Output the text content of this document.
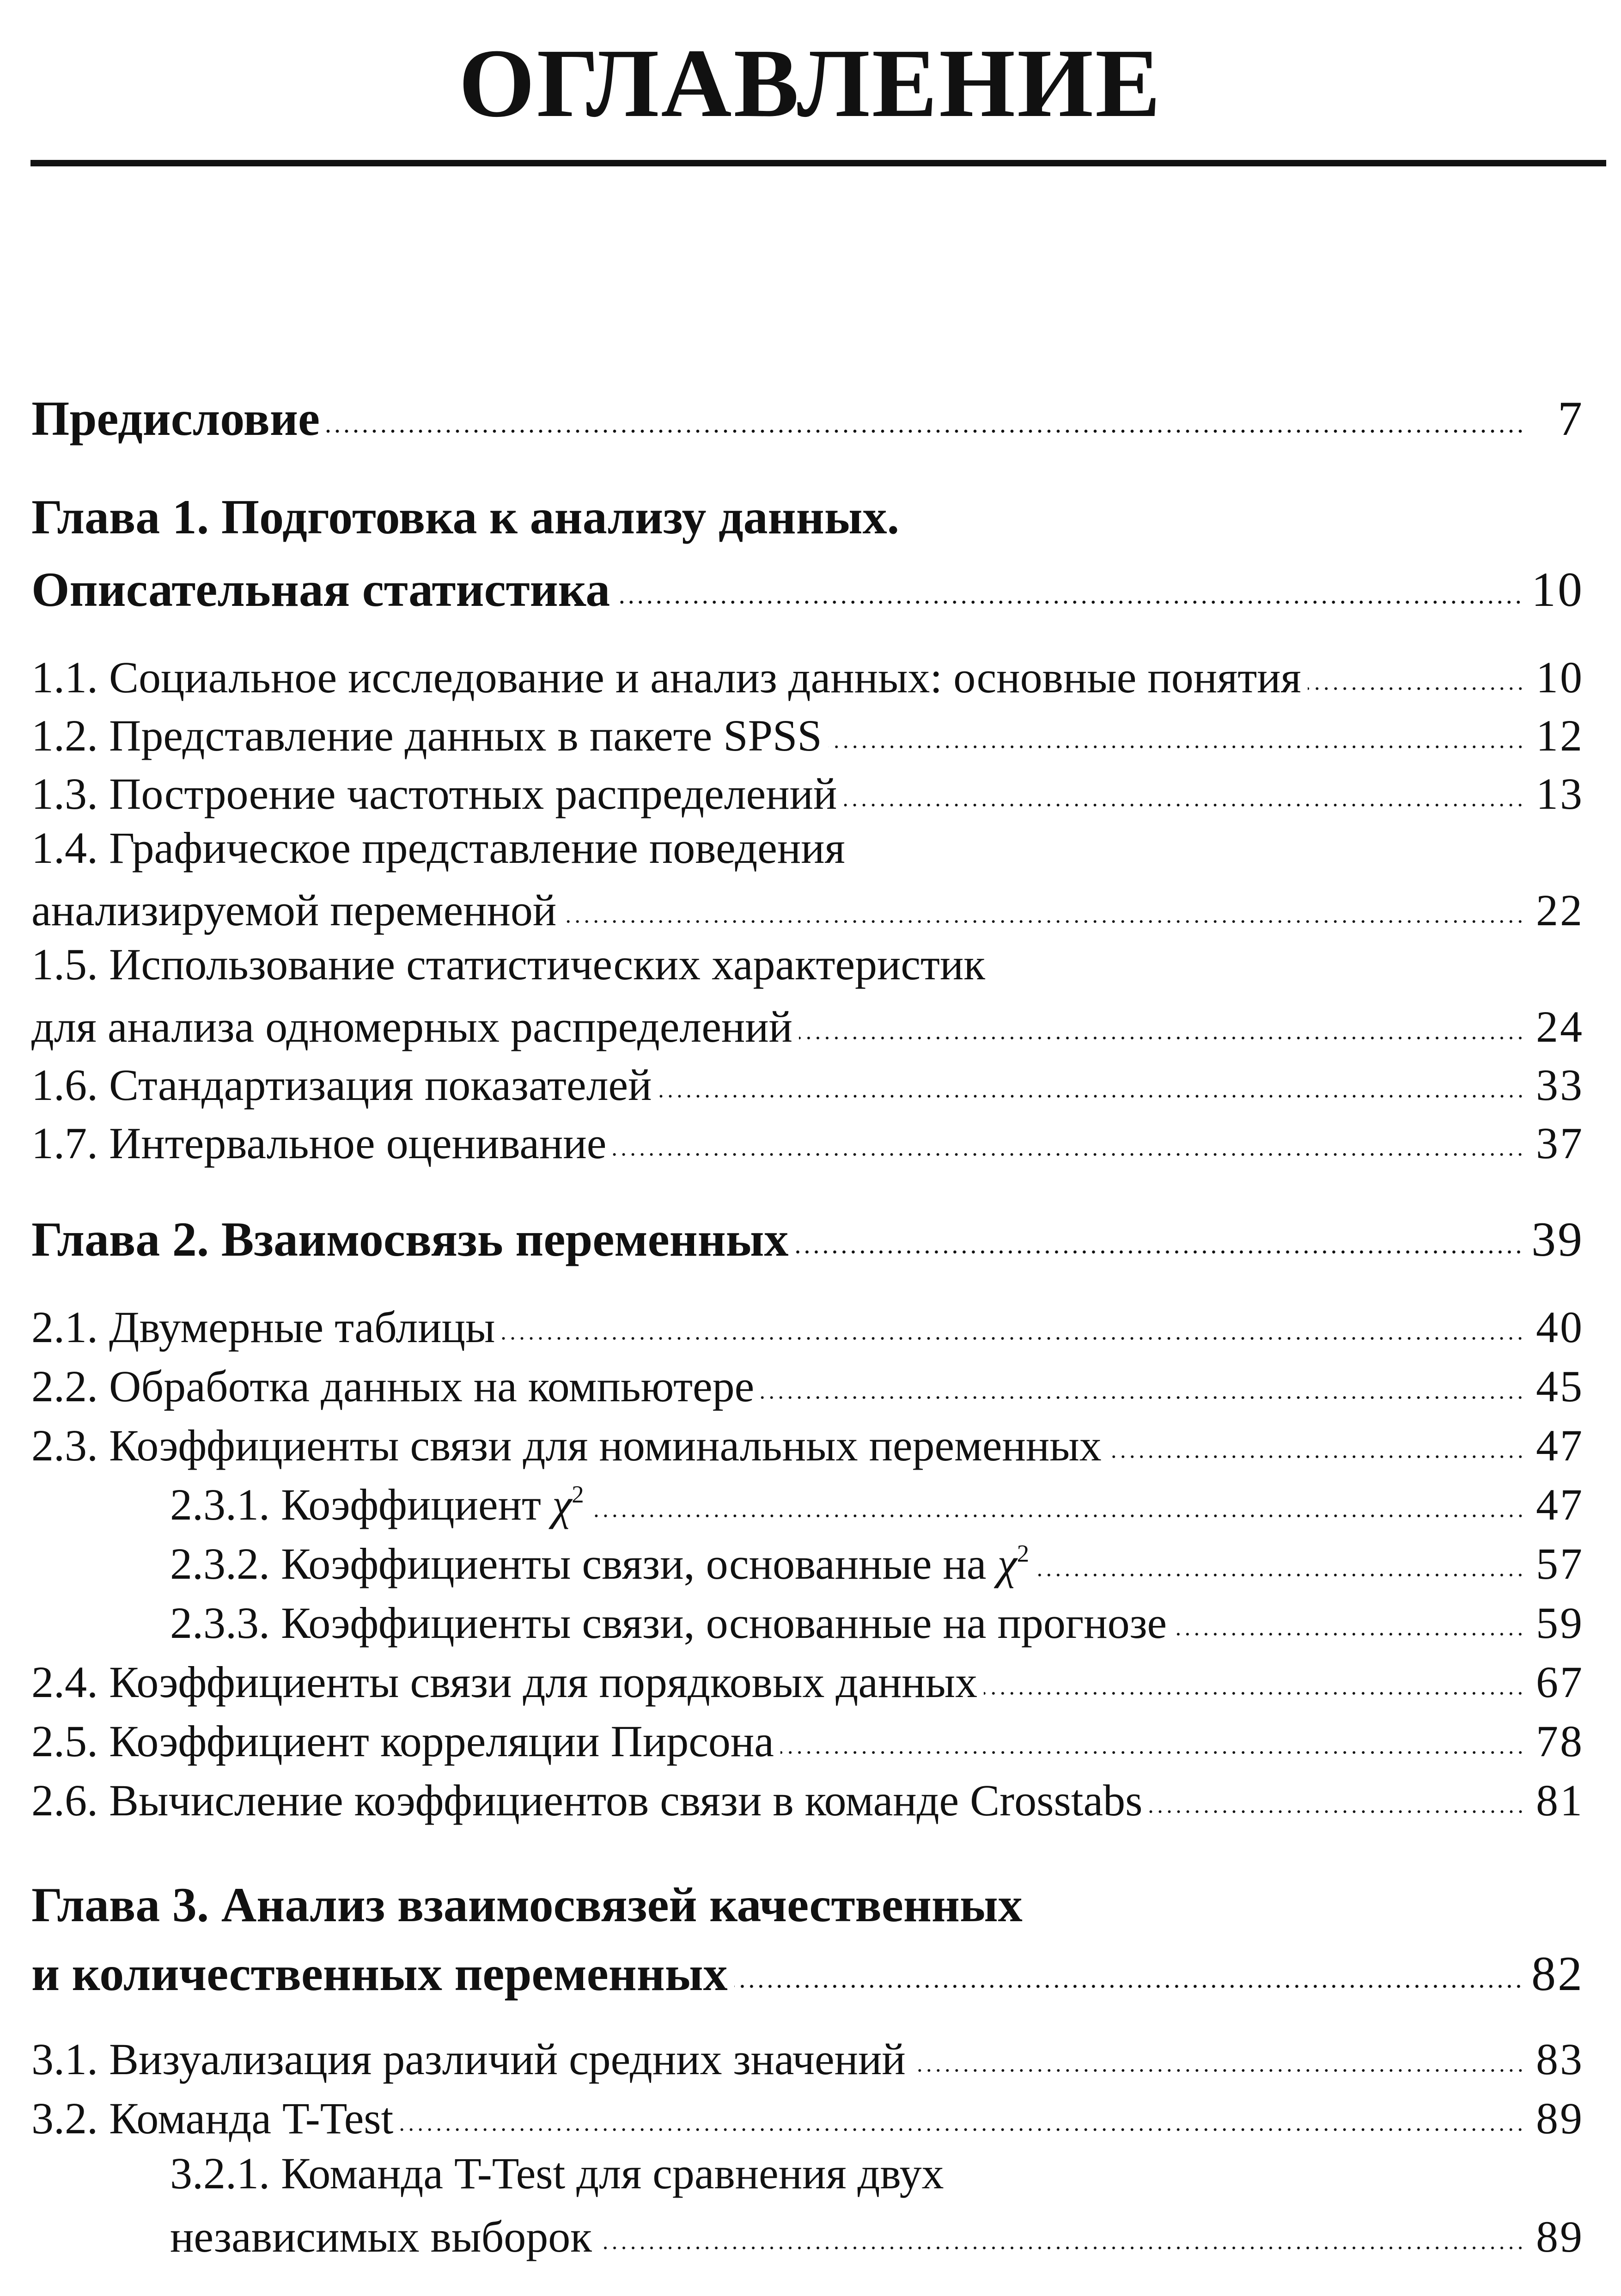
ОГЛАВЛЕНИЕ
Предисловие	7
Глава 1. Подготовка к анализу данных.
Описательная статистика	10
1.1. Социальное исследование и анализ данных: основные понятия	10
1.2. Представление данных в пакете SPSS	12
1.3. Построение частотных распределений	13
1.4. Графическое представление поведения
анализируемой переменной	22
1.5. Использование статистических характеристик
для анализа одномерных распределений	24
1.6. Стандартизация показателей	33
1.7. Интервальное оценивание	37
Глава 2. Взаимосвязь переменных	39
2.1. Двумерные таблицы	40
2.2. Обработка данных на компьютере	45
2.3. Коэффициенты связи для номинальных переменных	47
2.3.1. Коэффициент $\chi^2$	47
2.3.2. Коэффициенты связи, основанные на $\chi^2$	57
2.3.3. Коэффициенты связи, основанные на прогнозе	59
2.4. Коэффициенты связи для порядковых данных	67
2.5. Коэффициент корреляции Пирсона	78
2.6. Вычисление коэффициентов связи в команде Crosstabs	81
Глава 3. Анализ взаимосвязей качественных
и количественных переменных	82
3.1. Визуализация различий средних значений	83
3.2. Команда T-Test	89
3.2.1. Команда T-Test для сравнения двух
независимых выборок	89
